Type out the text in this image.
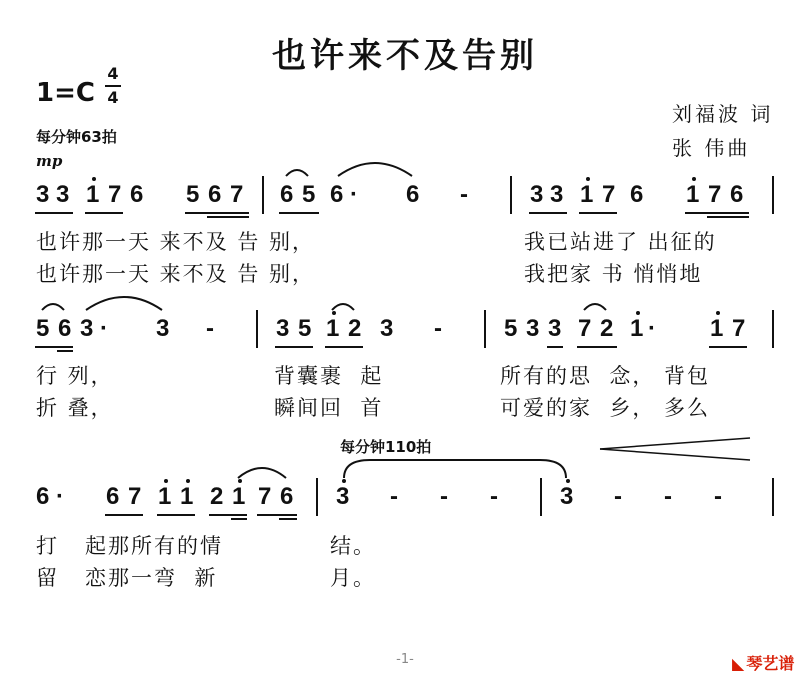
也许来不及告别
1=C
4
4
刘福波 词
张 伟曲
每分钟63拍
mp
3 3 1 7 6 5 6 7 6 5 6 · 6 -	3 3 1 7 6 1 7 6
也许那一天 来不及 告 别，	我已站进了 出征的
也许那一天 来不及 告 别，	我把家 书 悄悄地
5 6 3 · 3 -	3 5 1 2 3 -	5 3 3 7 2 1 · 1 7
行 列，	背囊裹  起	所有的思  念， 背包
折 叠，	瞬间回  首	可爱的家  乡， 多么
每分钟110拍
6 · 6 7 1 1 2 1 7 6 3 - - -	3 - - -
打   起那所有的情	结。
留   恋那一弯  新	月。
-1-	◣ 琴艺谱
